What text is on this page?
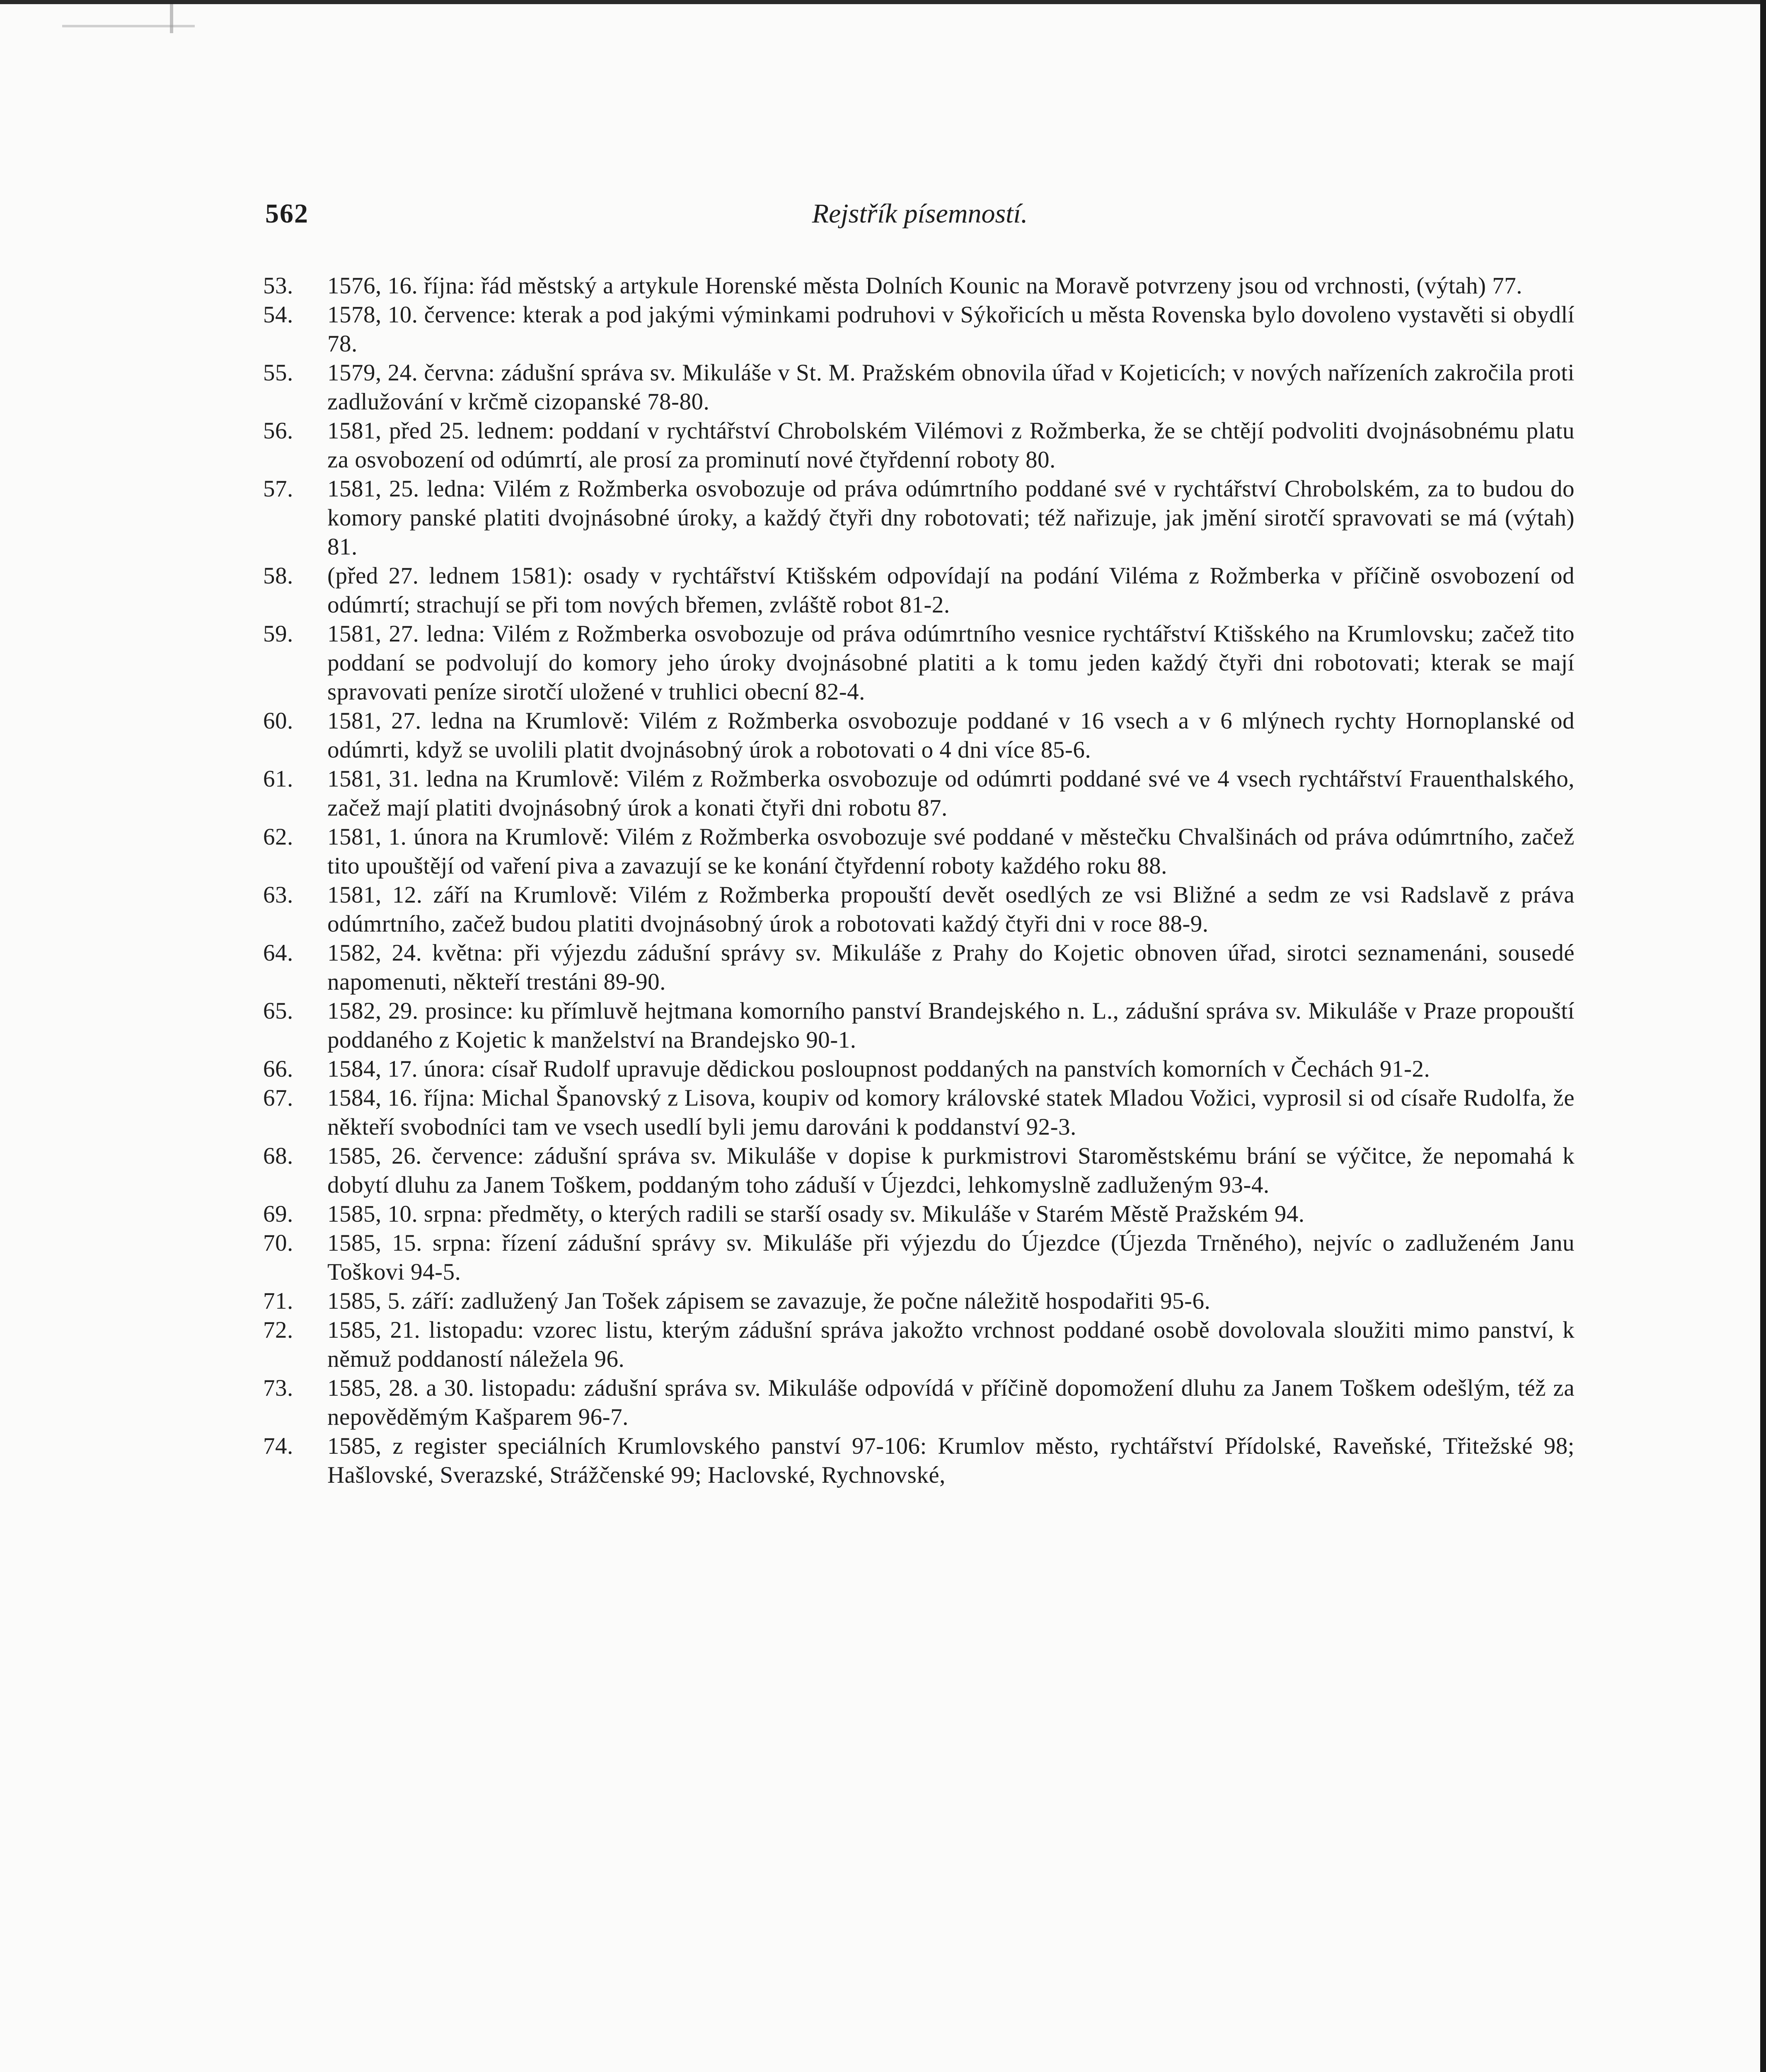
562	Rejstřík písemností.
53.	1576, 16. října: řád městský a artykule Horenské města Dolních Kounic na Moravě potvrzeny jsou od vrchnosti, (výtah) 77.
54.	1578, 10. července: kterak a pod jakými výminkami podruhovi v Sýkořicích u města Rovenska bylo dovoleno vystavěti si obydlí 78.
55.	1579, 24. června: zádušní správa sv. Mikuláše v St. M. Pražském obnovila úřad v Kojeticích; v nových nařízeních zakročila proti zadlužování v krčmě cizopanské 78-80.
56.	1581, před 25. lednem: poddaní v rychtářství Chrobolském Vilémovi z Rožmberka, že se chtějí podvoliti dvojnásobnému platu za osvobození od odúmrtí, ale prosí za prominutí nové čtyřdenní roboty 80.
57.	1581, 25. ledna: Vilém z Rožmberka osvobozuje od práva odúmrtního poddané své v rychtářství Chrobolském, za to budou do komory panské platiti dvojnásobné úroky, a každý čtyři dny robotovati; též nařizuje, jak jmění sirotčí spravovati se má (výtah) 81.
58.	(před 27. lednem 1581): osady v rychtářství Ktišském odpovídají na podání Viléma z Rožmberka v příčině osvobození od odúmrtí; strachují se při tom nových břemen, zvláště robot 81-2.
59.	1581, 27. ledna: Vilém z Rožmberka osvobozuje od práva odúmrtního vesnice rychtářství Ktišského na Krumlovsku; začež tito poddaní se podvolují do komory jeho úroky dvojnásobné platiti a k tomu jeden každý čtyři dni robotovati; kterak se mají spravovati peníze sirotčí uložené v truhlici obecní 82-4.
60.	1581, 27. ledna na Krumlově: Vilém z Rožmberka osvobozuje poddané v 16 vsech a v 6 mlýnech rychty Hornoplanské od odúmrti, když se uvolili platit dvojnásobný úrok a robotovati o 4 dni více 85-6.
61.	1581, 31. ledna na Krumlově: Vilém z Rožmberka osvobozuje od odúmrti poddané své ve 4 vsech rychtářství Frauenthalského, začež mají platiti dvojnásobný úrok a konati čtyři dni robotu 87.
62.	1581, 1. února na Krumlově: Vilém z Rožmberka osvobozuje své poddané v městečku Chvalšinách od práva odúmrtního, začež tito upouštějí od vaření piva a zavazují se ke konání čtyřdenní roboty každého roku 88.
63.	1581, 12. září na Krumlově: Vilém z Rožmberka propouští devět osedlých ze vsi Bližné a sedm ze vsi Radslavě z práva odúmrtního, začež budou platiti dvojnásobný úrok a robotovati každý čtyři dni v roce 88-9.
64.	1582, 24. května: při výjezdu zádušní správy sv. Mikuláše z Prahy do Kojetic obnoven úřad, sirotci seznamenáni, sousedé napomenuti, někteří trestáni 89-90.
65.	1582, 29. prosince: ku přímluvě hejtmana komorního panství Brandejského n. L., zádušní správa sv. Mikuláše v Praze propouští poddaného z Kojetic k manželství na Brandejsko 90-1.
66.	1584, 17. února: císař Rudolf upravuje dědickou posloupnost poddaných na panstvích komorních v Čechách 91-2.
67.	1584, 16. října: Michal Španovský z Lisova, koupiv od komory královské statek Mladou Vožici, vyprosil si od císaře Rudolfa, že někteří svobodníci tam ve vsech usedlí byli jemu darováni k poddanství 92-3.
68.	1585, 26. července: zádušní správa sv. Mikuláše v dopise k purkmistrovi Staroměstskému brání se výčitce, že nepomahá k dobytí dluhu za Janem Toškem, poddaným toho záduší v Újezdci, lehkomyslně zadluženým 93-4.
69.	1585, 10. srpna: předměty, o kterých radili se starší osady sv. Mikuláše v Starém Městě Pražském 94.
70.	1585, 15. srpna: řízení zádušní správy sv. Mikuláše při výjezdu do Újezdce (Újezda Trněného), nejvíc o zadluženém Janu Toškovi 94-5.
71.	1585, 5. září: zadlužený Jan Tošek zápisem se zavazuje, že počne náležitě hospodařiti 95-6.
72.	1585, 21. listopadu: vzorec listu, kterým zádušní správa jakožto vrchnost poddané osobě dovolovala sloužiti mimo panství, k němuž poddaností náležela 96.
73.	1585, 28. a 30. listopadu: zádušní správa sv. Mikuláše odpovídá v příčině dopomožení dluhu za Janem Toškem odešlým, též za nepověděmým Kašparem 96-7.
74.	1585, z register speciálních Krumlovského panství 97-106: Krumlov město, rychtářství Přídolské, Raveňské, Třitežské 98; Hašlovské, Sverazské, Strážčenské 99; Haclovské, Rychnovské,
